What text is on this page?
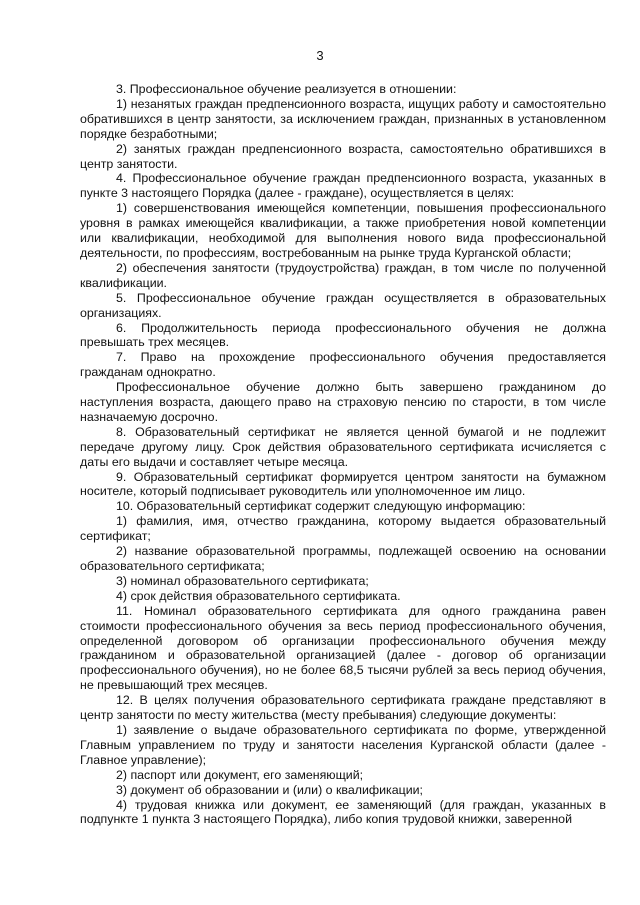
3

3. Профессиональное обучение реализуется в отношении:

1) незанятых граждан предпенсионного возраста, ищущих работу и самостоятельно обратившихся в центр занятости, за исключением граждан, признанных в установленном порядке безработными;

2) занятых граждан предпенсионного возраста, самостоятельно обратившихся в центр занятости.

4. Профессиональное обучение граждан предпенсионного возраста, указанных в пункте 3 настоящего Порядка (далее - граждане), осуществляется в целях:

1) совершенствования имеющейся компетенции, повышения профессионального уровня в рамках имеющейся квалификации, а также приобретения новой компетенции или квалификации, необходимой для выполнения нового вида профессиональной деятельности, по профессиям, востребованным на рынке труда Курганской области;

2) обеспечения занятости (трудоустройства) граждан, в том числе по полученной квалификации.

5. Профессиональное обучение граждан осуществляется в образовательных организациях.

6. Продолжительность периода профессионального обучения не должна превышать трех месяцев.

7. Право на прохождение профессионального обучения предоставляется гражданам однократно.

Профессиональное обучение должно быть завершено гражданином до наступления возраста, дающего право на страховую пенсию по старости, в том числе назначаемую досрочно.

8. Образовательный сертификат не является ценной бумагой и не подлежит передаче другому лицу. Срок действия образовательного сертификата исчисляется с даты его выдачи и составляет четыре месяца.

9. Образовательный сертификат формируется центром занятости на бумажном носителе, который подписывает руководитель или уполномоченное им лицо.

10. Образовательный сертификат содержит следующую информацию:

1) фамилия, имя, отчество гражданина, которому выдается образовательный сертификат;

2) название образовательной программы, подлежащей освоению на основании образовательного сертификата;

3) номинал образовательного сертификата;

4) срок действия образовательного сертификата.

11. Номинал образовательного сертификата для одного гражданина равен стоимости профессионального обучения за весь период профессионального обучения, определенной договором об организации профессионального обучения между гражданином и образовательной организацией (далее - договор об организации профессионального обучения), но не более 68,5 тысячи рублей за весь период обучения, не превышающий трех месяцев.

12. В целях получения образовательного сертификата граждане представляют в центр занятости по месту жительства (месту пребывания) следующие документы:

1) заявление о выдаче образовательного сертификата по форме, утвержденной Главным управлением по труду и занятости населения Курганской области (далее - Главное управление);

2) паспорт или документ, его заменяющий;

3) документ об образовании и (или) о квалификации;

4) трудовая книжка или документ, ее заменяющий (для граждан, указанных в подпункте 1 пункта 3 настоящего Порядка), либо копия трудовой книжки, заверенной
